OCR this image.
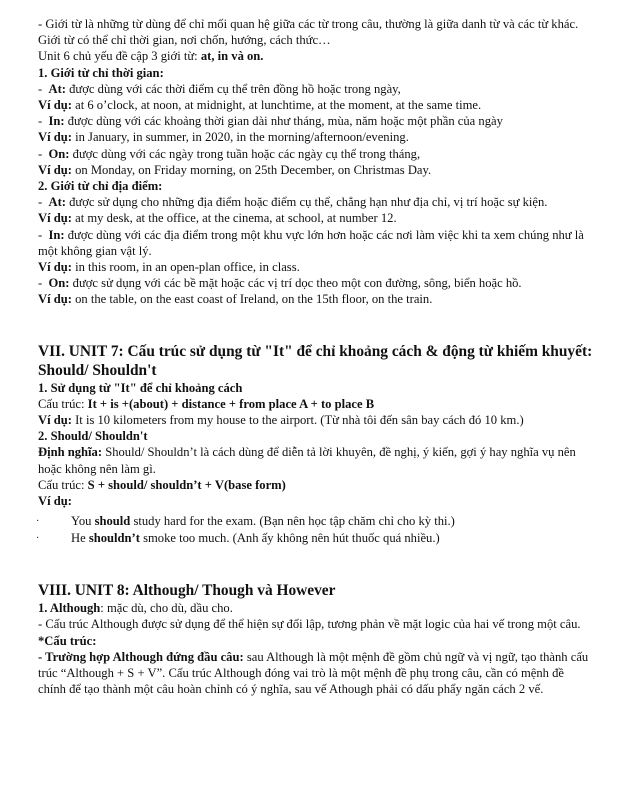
- Giới từ là những từ dùng để chỉ mối quan hệ giữa các từ trong câu, thường là giữa danh từ và các từ khác. Giới từ có thể chỉ thời gian, nơi chốn, hướng, cách thức…

Unit 6 chủ yếu đề cập 3 giới từ: at, in và on.

1. Giới từ chỉ thời gian:

-  At: được dùng với các thời điểm cụ thể trên đồng hồ hoặc trong ngày,

Ví dụ: at 6 o’clock, at noon, at midnight, at lunchtime, at the moment, at the same time.

-  In: được dùng với các khoảng thời gian dài như tháng, mùa, năm hoặc một phần của ngày

Ví dụ: in January, in summer, in 2020, in the morning/afternoon/evening.

-  On: được dùng với các ngày trong tuần hoặc các ngày cụ thể trong tháng,

Ví dụ: on Monday, on Friday morning, on 25th December, on Christmas Day.

2. Giới từ chỉ địa điểm:

-  At: được sử dụng cho những địa điểm hoặc điểm cụ thể, chẳng hạn như địa chỉ, vị trí hoặc sự kiện.

Ví dụ: at my desk, at the office, at the cinema, at school, at number 12.

-  In: được dùng với các địa điểm trong một khu vực lớn hơn hoặc các nơi làm việc khi ta xem chúng như là một không gian vật lý.

Ví dụ: in this room, in an open-plan office, in class.

-  On: được sử dụng với các bề mặt hoặc các vị trí dọc theo một con đường, sông, biển hoặc hồ.

Ví dụ: on the table, on the east coast of Ireland, on the 15th floor, on the train.

VII. UNIT 7: Cấu trúc sử dụng từ "It" để chỉ khoảng cách & động từ khiếm khuyết: Should/ Shouldn't

1. Sử dụng từ "It" để chỉ khoảng cách

Cấu trúc: It + is +(about) + distance + from place A + to place B

Ví dụ: It is 10 kilometers from my house to the airport. (Từ nhà tôi đến sân bay cách đó 10 km.)

2. Should/ Shouldn't

Định nghĩa: Should/ Shouldn’t là cách dùng để diễn tả lời khuyên, đề nghị, ý kiến, gợi ý hay nghĩa vụ nên hoặc không nên làm gì.

Cấu trúc: S + should/ shouldn’t + V(base form)

Ví dụ:

·	You should study hard for the exam. (Bạn nên học tập chăm chỉ cho kỳ thi.)
·	He shouldn’t smoke too much. (Anh ấy không nên hút thuốc quá nhiều.)

VIII. UNIT 8: Although/ Though và However

1. Although: mặc dù, cho dù, dầu cho.

- Cấu trúc Although được sử dụng để thể hiện sự đối lập, tương phản về mặt logic của hai vế trong một câu.

*Cấu trúc:

- Trường hợp Although đứng đầu câu: sau Although là một mệnh đề gồm chủ ngữ và vị ngữ, tạo thành cấu trúc “Although + S + V”. Cấu trúc Although đóng vai trò là một mệnh đề phụ trong câu, cần có mệnh đề chính để tạo thành một câu hoàn chỉnh có ý nghĩa, sau vế Athough phải có dấu phẩy ngăn cách 2 vế.
